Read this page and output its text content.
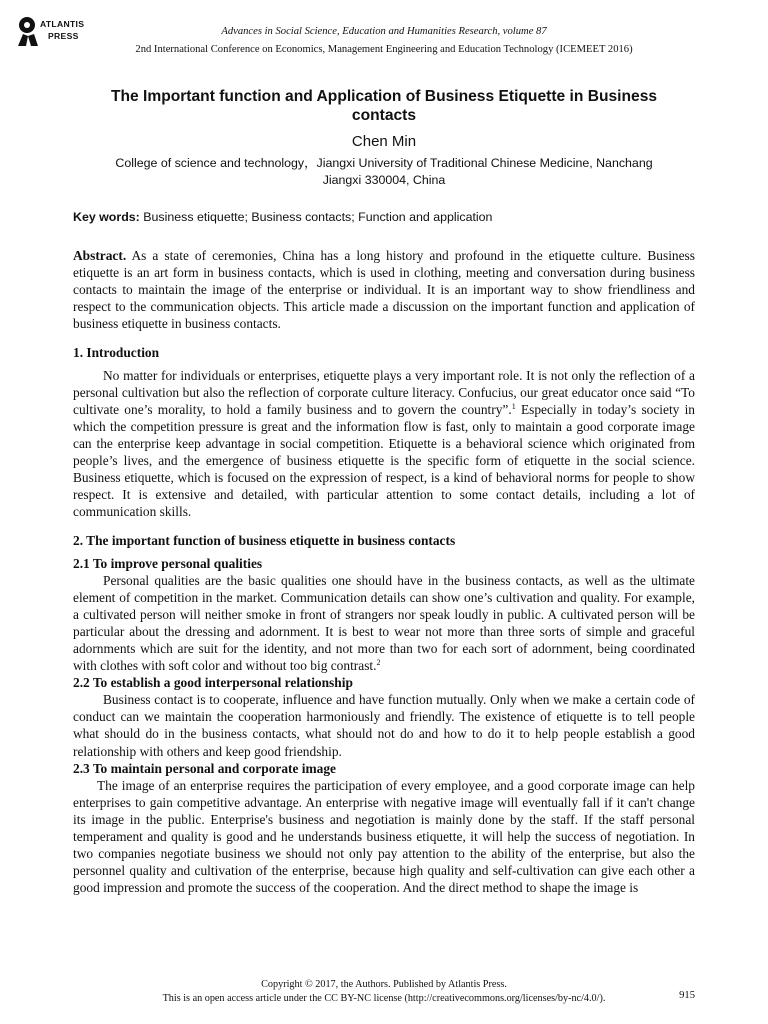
ATLANTIS
PRESS	Advances in Social Science, Education and Humanities Research, volume 87
2nd International Conference on Economics, Management Engineering and Education Technology (ICEMEET 2016)
The Important function and Application of Business Etiquette in Business contacts
Chen Min
College of science and technology，Jiangxi University of Traditional Chinese Medicine, Nanchang
Jiangxi 330004, China
Key words: Business etiquette; Business contacts; Function and application

Abstract. As a state of ceremonies, China has a long history and profound in the etiquette culture. Business etiquette is an art form in business contacts, which is used in clothing, meeting and conversation during business contacts to maintain the image of the enterprise or individual. It is an important way to show friendliness and respect to the communication objects. This article made a discussion on the important function and application of business etiquette in business contacts.

1. Introduction

No matter for individuals or enterprises, etiquette plays a very important role. It is not only the reflection of a personal cultivation but also the reflection of corporate culture literacy. Confucius, our great educator once said “To cultivate one’s morality, to hold a family business and to govern the country”.$^1$ Especially in today’s society in which the competition pressure is great and the information flow is fast, only to maintain a good corporate image can the enterprise keep advantage in social competition. Etiquette is a behavioral science which originated from people’s lives, and the emergence of business etiquette is the specific form of etiquette in the social science. Business etiquette, which is focused on the expression of respect, is a kind of behavioral norms for people to show respect. It is extensive and detailed, with particular attention to some contact details, including a lot of communication skills.

2. The important function of business etiquette in business contacts
2.1 To improve personal qualities

Personal qualities are the basic qualities one should have in the business contacts, as well as the ultimate element of competition in the market. Communication details can show one’s cultivation and quality. For example, a cultivated person will neither smoke in front of strangers nor speak loudly in public. A cultivated person will be particular about the dressing and adornment. It is best to wear not more than three sorts of simple and graceful adornments which are suit for the identity, and not more than two for each sort of adornment, being coordinated with clothes with soft color and without too big contrast.$^2$

2.2 To establish a good interpersonal relationship

Business contact is to cooperate, influence and have function mutually. Only when we make a certain code of conduct can we maintain the cooperation harmoniously and friendly. The existence of etiquette is to tell people what should do in the business contacts, what should not do and how to do it to help people establish a good relationship with others and keep good friendship.

2.3 To maintain personal and corporate image

The image of an enterprise requires the participation of every employee, and a good corporate image can help enterprises to gain competitive advantage. An enterprise with negative image will eventually fall if it can't change its image in the public. Enterprise's business and negotiation is mainly done by the staff. If the staff personal temperament and quality is good and he understands business etiquette, it will help the success of negotiation. In two companies negotiate business we should not only pay attention to the ability of the enterprise, but also the personnel quality and cultivation of the enterprise, because high quality and self-cultivation can give each other a good impression and promote the success of the cooperation. And the direct method to shape the image is

Copyright © 2017, the Authors. Published by Atlantis Press.
This is an open access article under the CC BY-NC license (http://creativecommons.org/licenses/by-nc/4.0/).	915
